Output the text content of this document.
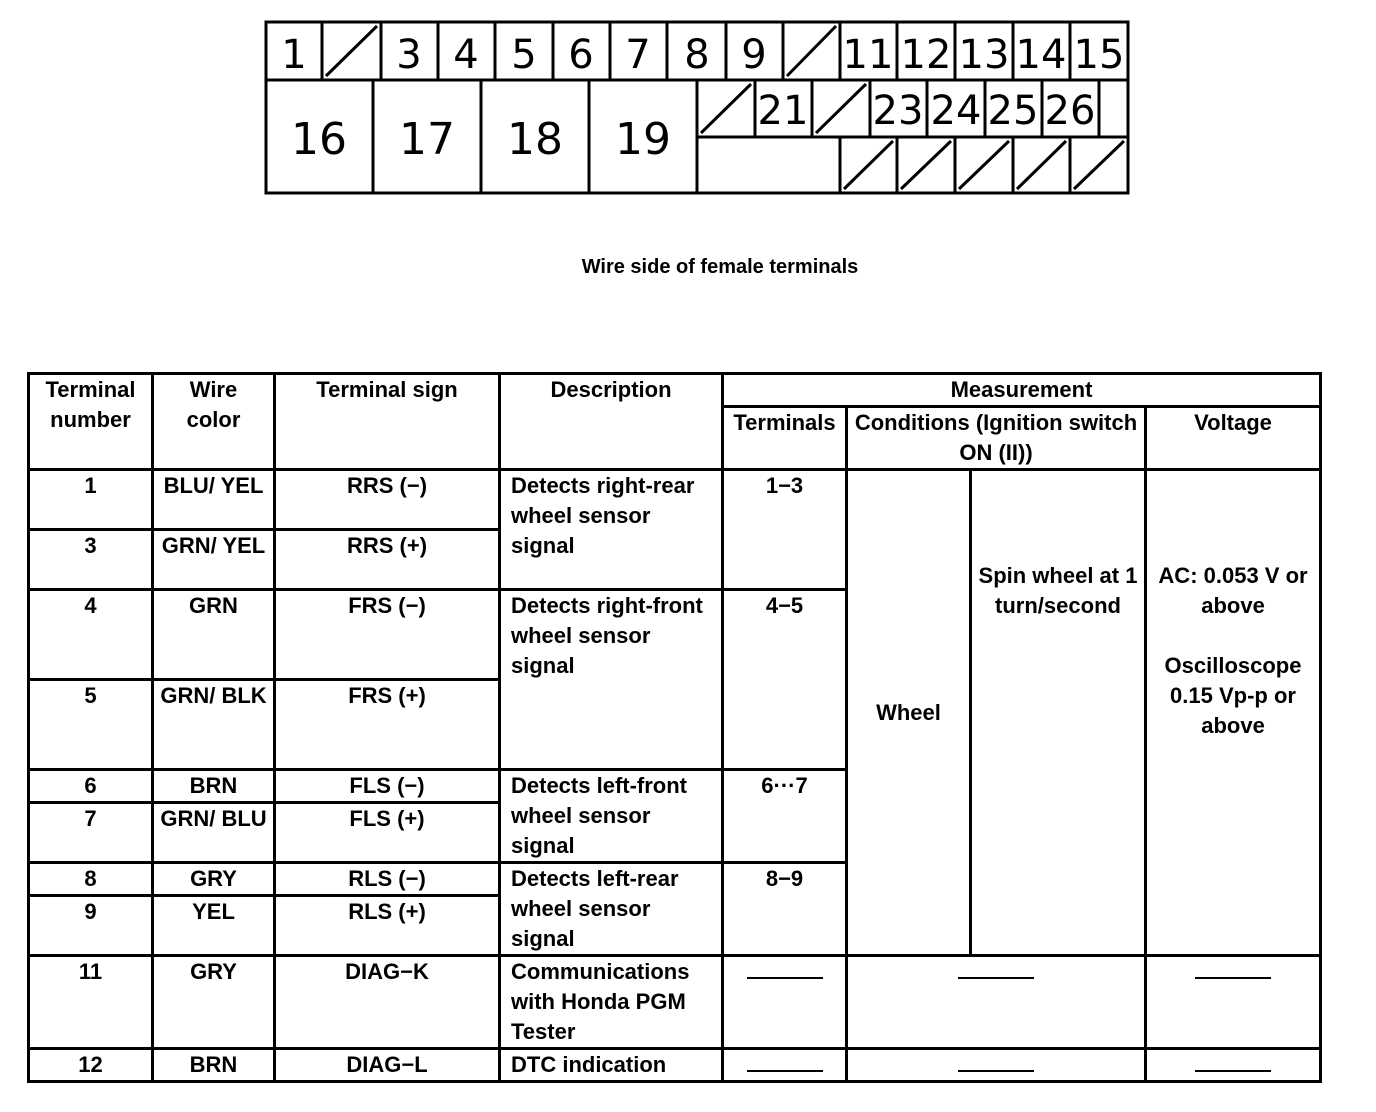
1 3 4 5 6 7 8 9 11 12 13 14 15
16 17 18 19
21 23 24 25 26
Wire side of female terminals
Terminal number	Wire color	Terminal sign	Description	Measurement			
				Terminals	Conditions (Ignition switch ON (II))		Voltage
1	BLU/ YEL	RRS (−)	Detects right-rear wheel sensor signal	1−3	Wheel	Spin wheel at 1 turn/second	AC: 0.053 V or above
Oscilloscope 0.15 Vp-p or above

3	GRN/ YEL	RRS (+)					
4	GRN	FRS (−)	Detects right-front wheel sensor signal	4−5			
5	GRN/ BLK	FRS (+)					
6	BRN	FLS (−)	Detects left-front wheel sensor signal	6···7			
7	GRN/ BLU	FLS (+)					
8	GRY	RLS (−)	Detects left-rear wheel sensor signal	8−9			
9	YEL	RLS (+)					
11	GRY	DIAG−K	Communications with Honda PGM Tester				
12	BRN	DIAG−L	DTC indication				
